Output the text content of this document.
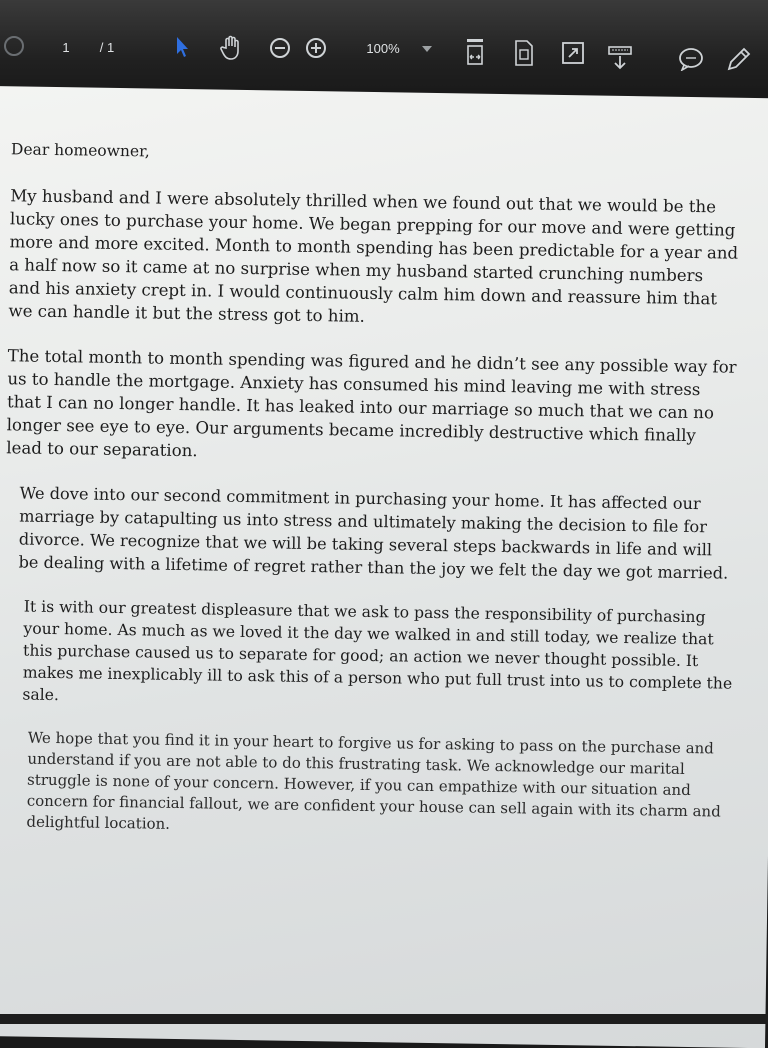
1	/ 1	100%

Dear homeowner,

My husband and I were absolutely thrilled when we found out that we would be the lucky ones to purchase your home. We began prepping for our move and were getting more and more excited. Month to month spending has been predictable for a year and a half now so it came at no surprise when my husband started crunching numbers and his anxiety crept in. I would continuously calm him down and reassure him that we can handle it but the stress got to him.

The total month to month spending was figured and he didn’t see any possible way for us to handle the mortgage. Anxiety has consumed his mind leaving me with stress that I can no longer handle. It has leaked into our marriage so much that we can no longer see eye to eye. Our arguments became incredibly destructive which finally lead to our separation.

We dove into our second commitment in purchasing your home. It has affected our marriage by catapulting us into stress and ultimately making the decision to file for divorce. We recognize that we will be taking several steps backwards in life and will be dealing with a lifetime of regret rather than the joy we felt the day we got married.

It is with our greatest displeasure that we ask to pass the responsibility of purchasing your home. As much as we loved it the day we walked in and still today, we realize that this purchase caused us to separate for good; an action we never thought possible. It makes me inexplicably ill to ask this of a person who put full trust into us to complete the sale.

We hope that you find it in your heart to forgive us for asking to pass on the purchase and understand if you are not able to do this frustrating task. We acknowledge our marital struggle is none of your concern. However, if you can empathize with our situation and concern for financial fallout, we are confident your house can sell again with its charm and delightful location.
